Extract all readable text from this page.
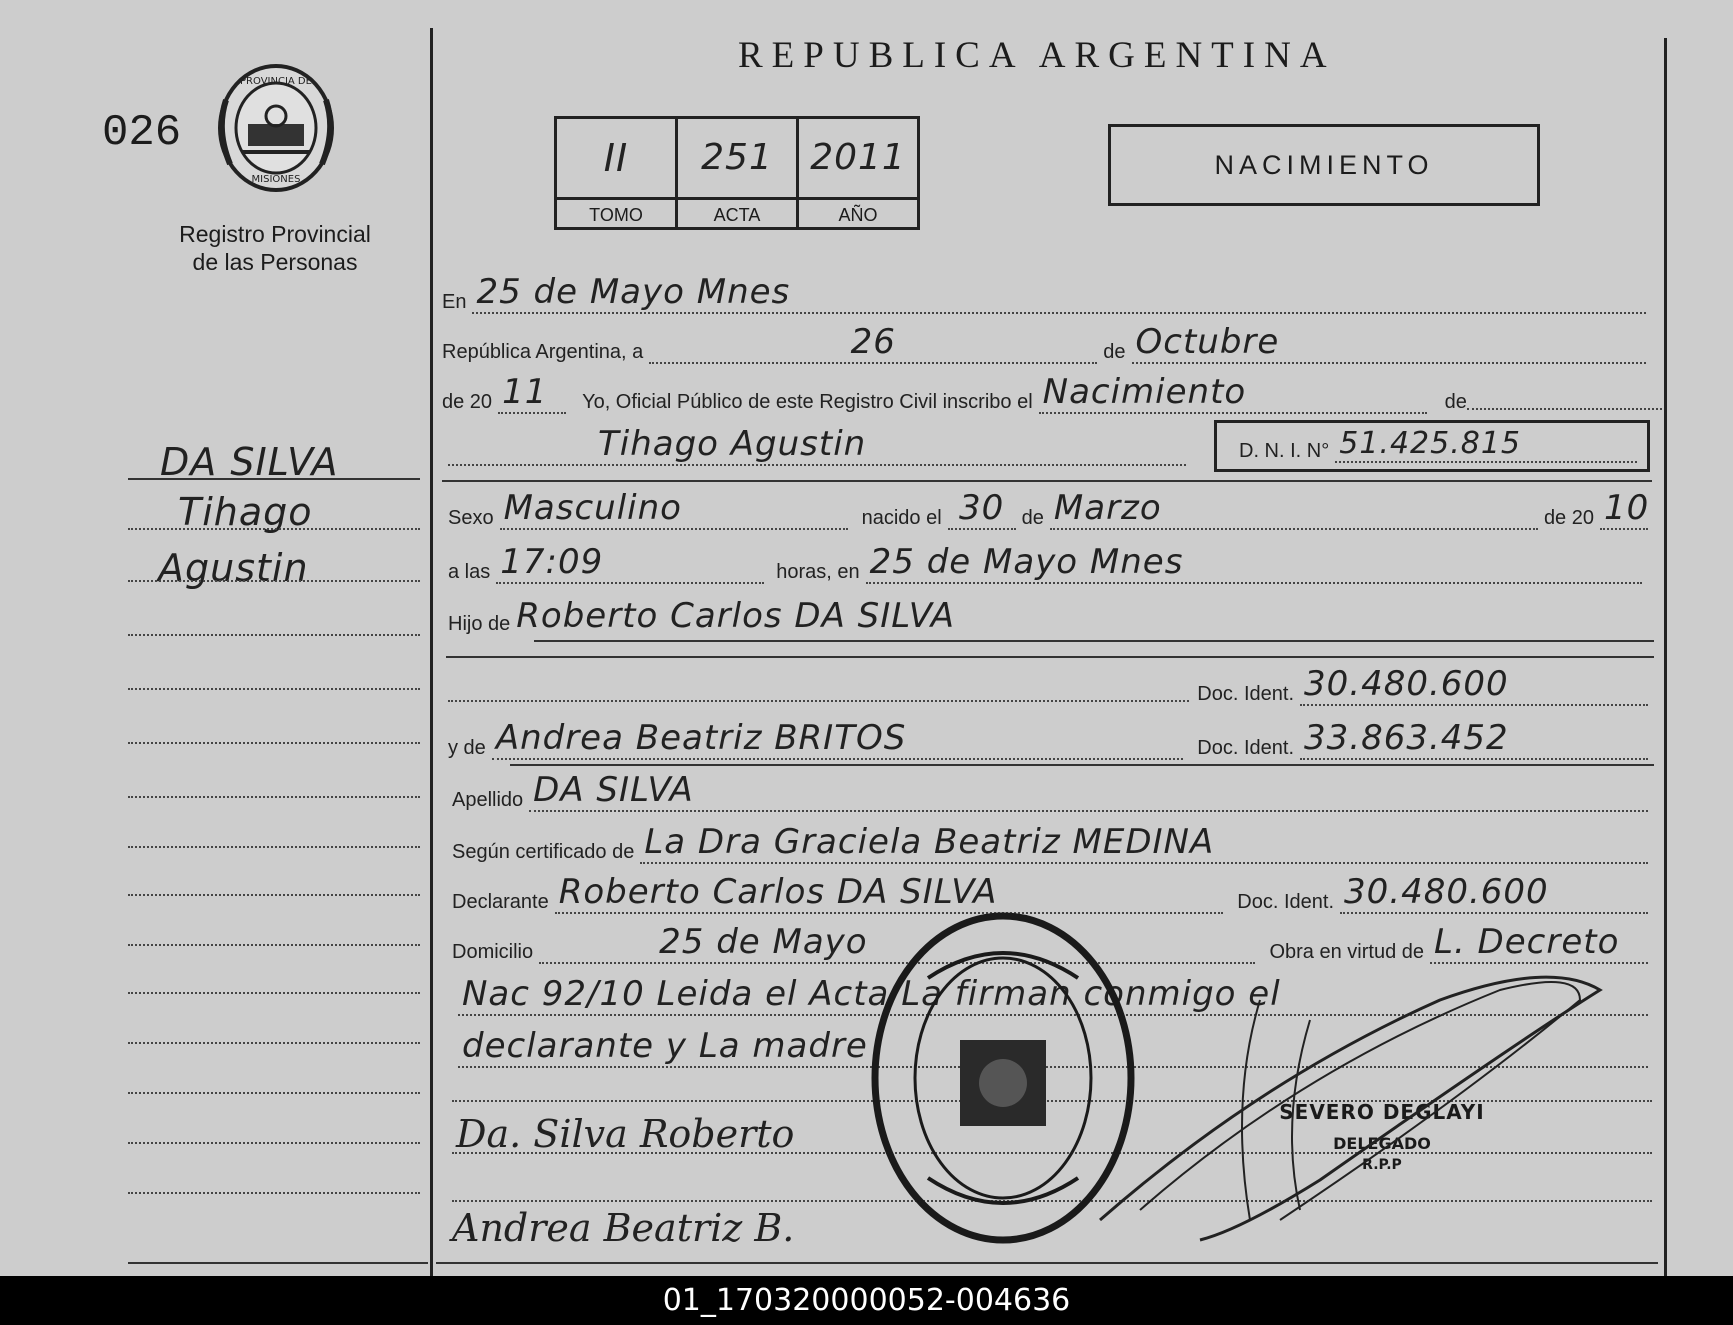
REPUBLICA ARGENTINA
026
PROVINCIA DE
MISIONES
Registro Provincial
de las Personas
II
TOMO
251
ACTA
2011
AÑO
NACIMIENTO
DA SILVA
Tihago
Agustin
En 25 de Mayo Mnes
República Argentina, a	26	de Octubre
de 20 11	Yo, Oficial Público de este Registro Civil inscribo el Nacimiento	de
Tihago Agustin	D. N. I. N° 51.425.815
Sexo Masculino	nacido el 30 de Marzo	de 20 10
a las 17:09	horas, en 25 de Mayo Mnes
Hijo de Roberto Carlos DA SILVA
Doc. Ident. 30.480.600
y de Andrea Beatriz BRITOS	Doc. Ident. 33.863.452
Apellido DA SILVA
Según certificado de La Dra Graciela Beatriz MEDINA
Declarante Roberto Carlos DA SILVA	Doc. Ident. 30.480.600
Domicilio	25 de Mayo	Obra en virtud de L. Decreto
Nac 92/10 Leida el Acta La firman conmigo el
declarante y La madre
Da. Silva Roberto
Andrea Beatriz B.
SEVERO DEGLAYI
DELEGADO
R.P.P
01_170320000052-004636
